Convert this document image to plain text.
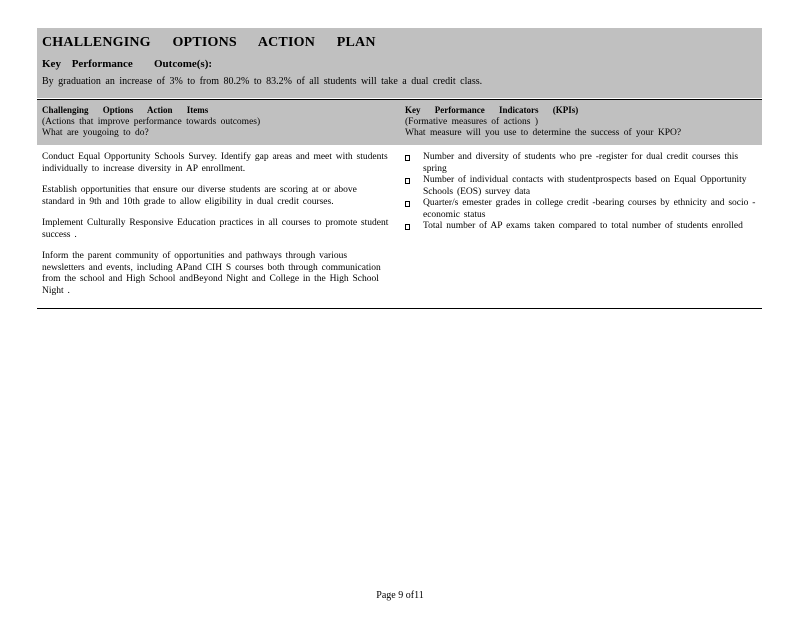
CHALLENGING OPTIONS ACTION PLAN
Key Performance Outcome(s):
By graduation an increase of 3% to from 80.2% to 83.2% of all students will take a dual credit class.
Challenging Options Action Items
(Actions that improve performance towards outcomes)
What are yougoing to do?
Key Performance Indicators (KPIs)
(Formative measures of actions )
What measure will you use to determine the success of your KPO?

Conduct Equal Opportunity Schools Survey. Identify gap areas and meet with students individually to increase diversity in AP enrollment.

Establish opportunities that ensure our diverse students are scoring at or above standard in 9th and 10th grade to allow eligibility in dual credit courses.

Implement Culturally Responsive Education practices in all courses to promote student success .

Inform the parent community of opportunities and pathways through various newsletters and events, including APand CIH S courses both through communication from the school and High School andBeyond Night and College in the High School Night .

Number and diversity of students who pre -register for dual credit courses this spring
Number of individual contacts with studentprospects based on Equal Opportunity Schools (EOS) survey data
Quarter/s emester grades in college credit -bearing courses by ethnicity and socio -economic status
Total number of AP exams taken compared to total number of students enrolled
Page 9 of11
